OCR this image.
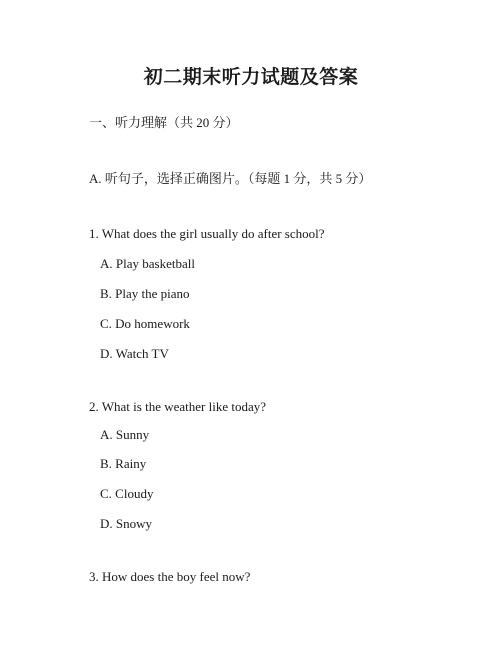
初二期末听力试题及答案

一、听力理解（共 20 分）

A. 听句子，选择正确图片。（每题 1 分，共 5 分）

1. What does the girl usually do after school?

A. Play basketball

B. Play the piano

C. Do homework

D. Watch TV

2. What is the weather like today?

A. Sunny

B. Rainy

C. Cloudy

D. Snowy

3. How does the boy feel now?
